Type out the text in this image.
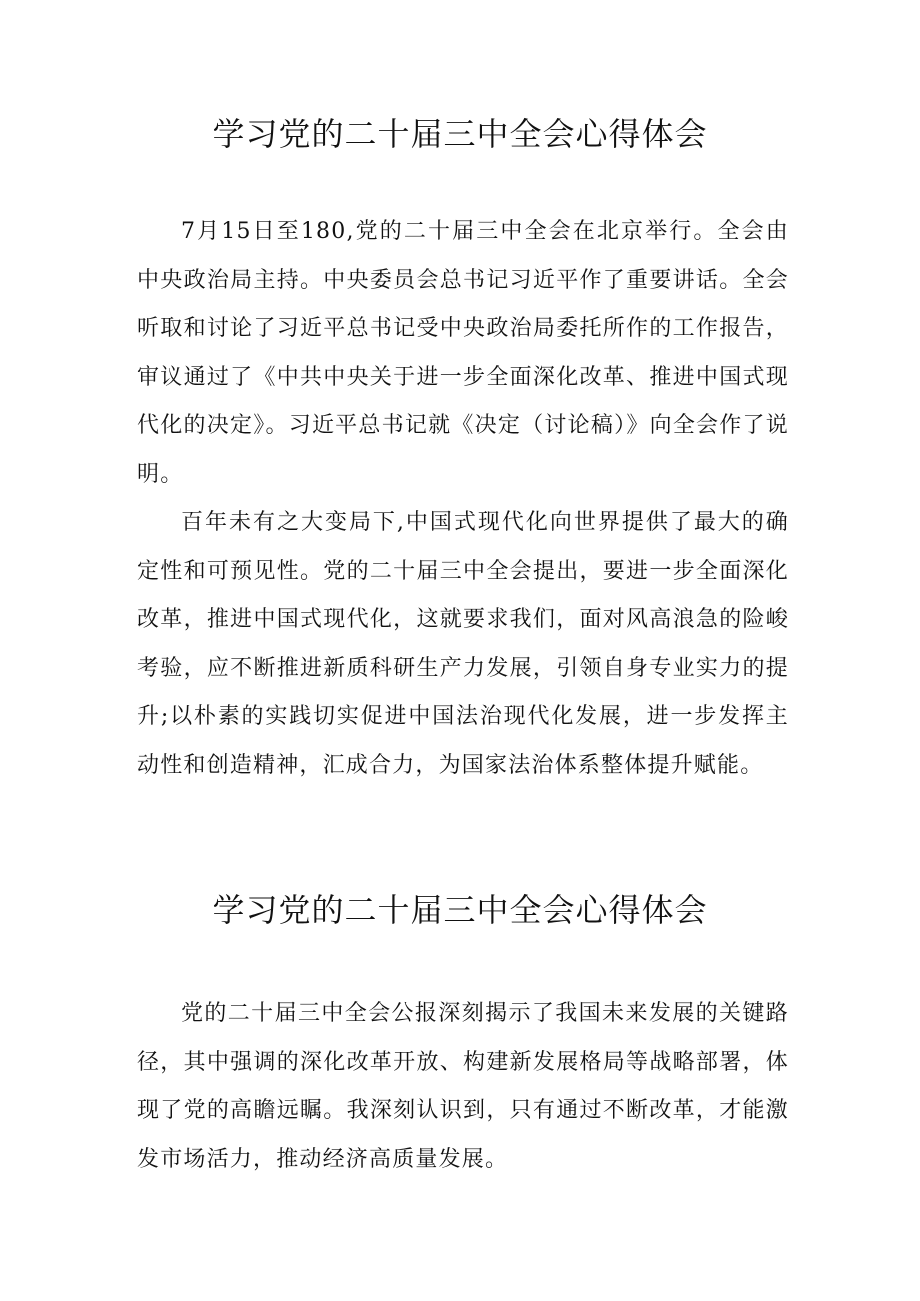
学习党的二十届三中全会心得体会

7月15日至180,党的二十届三中全会在北京举行。全会由中央政治局主持。中央委员会总书记习近平作了重要讲话。全会听取和讨论了习近平总书记受中央政治局委托所作的工作报告，审议通过了《中共中央关于进一步全面深化改革、推进中国式现代化的决定》。习近平总书记就《决定（讨论稿）》向全会作了说明。

百年未有之大变局下,中国式现代化向世界提供了最大的确定性和可预见性。党的二十届三中全会提出，要进一步全面深化改革，推进中国式现代化，这就要求我们，面对风高浪急的险峻考验，应不断推进新质科研生产力发展，引领自身专业实力的提升;以朴素的实践切实促进中国法治现代化发展，进一步发挥主动性和创造精神，汇成合力，为国家法治体系整体提升赋能。

学习党的二十届三中全会心得体会

党的二十届三中全会公报深刻揭示了我国未来发展的关键路径，其中强调的深化改革开放、构建新发展格局等战略部署，体现了党的高瞻远瞩。我深刻认识到，只有通过不断改革，才能激发市场活力，推动经济高质量发展。
